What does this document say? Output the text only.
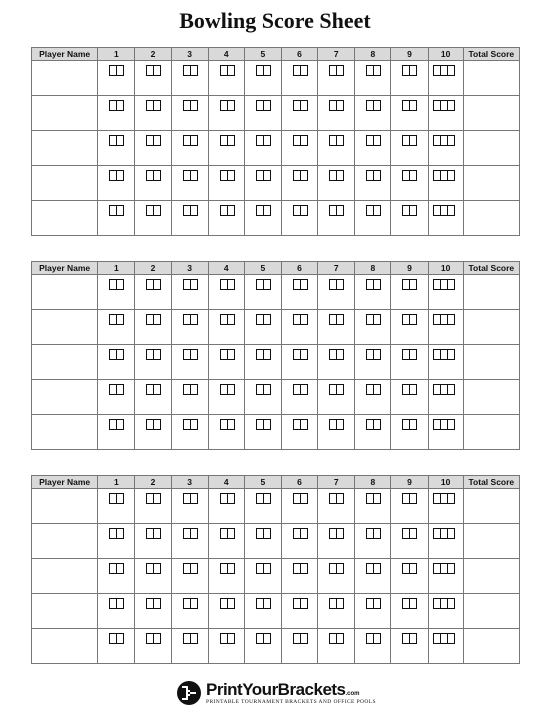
Bowling Score Sheet
Player Name	1	2	3	4	5	6	7	8	9	10	Total Score

Player Name	1	2	3	4	5	6	7	8	9	10	Total Score

Player Name	1	2	3	4	5	6	7	8	9	10	Total Score

PrintYourBrackets.com
PRINTABLE TOURNAMENT BRACKETS AND OFFICE POOLS
